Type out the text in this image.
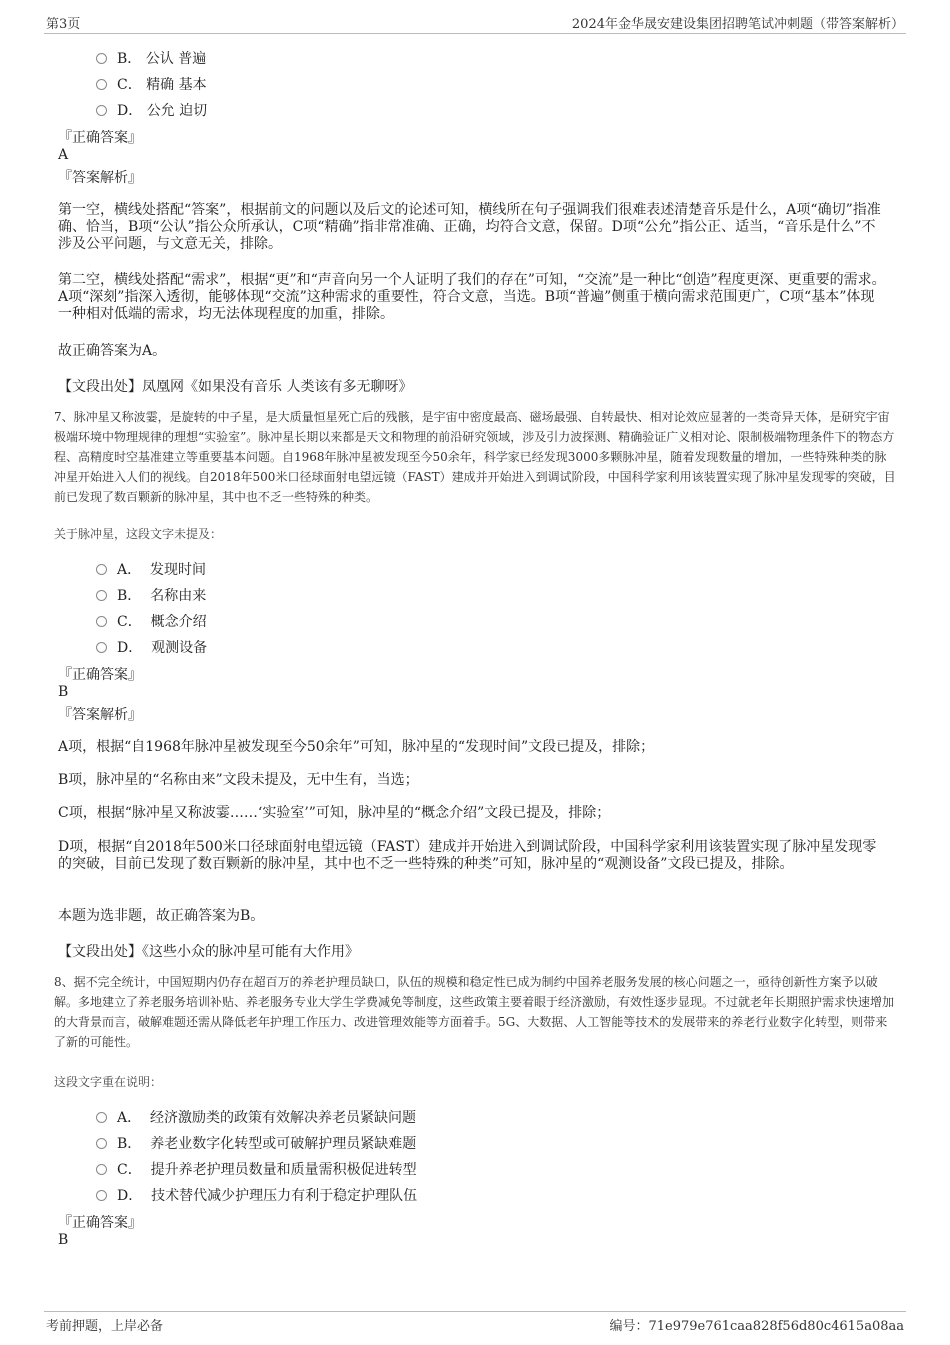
第3页	2024年金华晟安建设集团招聘笔试冲刺题（带答案解析）
B． 公认 普遍
C． 精确 基本
D． 公允 迫切
『正确答案』
A
『答案解析』
第一空，横线处搭配“答案”，根据前文的问题以及后文的论述可知，横线所在句子强调我们很难表述清楚音乐是什么，A项“确切”指准确、恰当，B项“公认”指公众所承认，C项“精确”指非常准确、正确，均符合文意，保留。D项“公允”指公正、适当，“音乐是什么”不涉及公平问题，与文意无关，排除。
第二空，横线处搭配“需求”，根据“更”和“声音向另一个人证明了我们的存在”可知，“交流”是一种比“创造”程度更深、更重要的需求。A项“深刻”指深入透彻，能够体现“交流”这种需求的重要性，符合文意，当选。B项“普遍”侧重于横向需求范围更广，C项“基本”体现一种相对低端的需求，均无法体现程度的加重，排除。
故正确答案为A。
【文段出处】凤凰网《如果没有音乐 人类该有多无聊呀》
7、脉冲星又称波霎，是旋转的中子星，是大质量恒星死亡后的残骸，是宇宙中密度最高、磁场最强、自转最快、相对论效应显著的一类奇异天体，是研究宇宙极端环境中物理规律的理想“实验室”。脉冲星长期以来都是天文和物理的前沿研究领域，涉及引力波探测、精确验证广义相对论、限制极端物理条件下的物态方程、高精度时空基准建立等重要基本问题。自1968年脉冲星被发现至今50余年，科学家已经发现3000多颗脉冲星，随着发现数量的增加，一些特殊种类的脉冲星开始进入人们的视线。自2018年500米口径球面射电望远镜（FAST）建成并开始进入到调试阶段，中国科学家利用该装置实现了脉冲星发现零的突破，目前已发现了数百颗新的脉冲星，其中也不乏一些特殊的种类。
关于脉冲星，这段文字未提及：
A． 发现时间
B． 名称由来
C． 概念介绍
D． 观测设备
『正确答案』
B
『答案解析』
A项，根据“自1968年脉冲星被发现至今50余年”可知，脉冲星的“发现时间”文段已提及，排除；
B项，脉冲星的“名称由来”文段未提及，无中生有，当选；
C项，根据“脉冲星又称波霎……‘实验室’”可知，脉冲星的“概念介绍”文段已提及，排除；
D项，根据“自2018年500米口径球面射电望远镜（FAST）建成并开始进入到调试阶段，中国科学家利用该装置实现了脉冲星发现零的突破，目前已发现了数百颗新的脉冲星，其中也不乏一些特殊的种类”可知，脉冲星的“观测设备”文段已提及，排除。
本题为选非题，故正确答案为B。
【文段出处】《这些小众的脉冲星可能有大作用》
8、据不完全统计，中国短期内仍存在超百万的养老护理员缺口，队伍的规模和稳定性已成为制约中国养老服务发展的核心问题之一，亟待创新性方案予以破解。多地建立了养老服务培训补贴、养老服务专业大学生学费减免等制度，这些政策主要着眼于经济激励，有效性逐步显现。不过就老年长期照护需求快速增加的大背景而言，破解难题还需从降低老年护理工作压力、改进管理效能等方面着手。5G、大数据、人工智能等技术的发展带来的养老行业数字化转型，则带来了新的可能性。
这段文字重在说明：
A． 经济激励类的政策有效解决养老员紧缺问题
B． 养老业数字化转型或可破解护理员紧缺难题
C． 提升养老护理员数量和质量需积极促进转型
D． 技术替代减少护理压力有利于稳定护理队伍
『正确答案』
B
考前押题，上岸必备	编号：71e979e761caa828f56d80c4615a08aa
